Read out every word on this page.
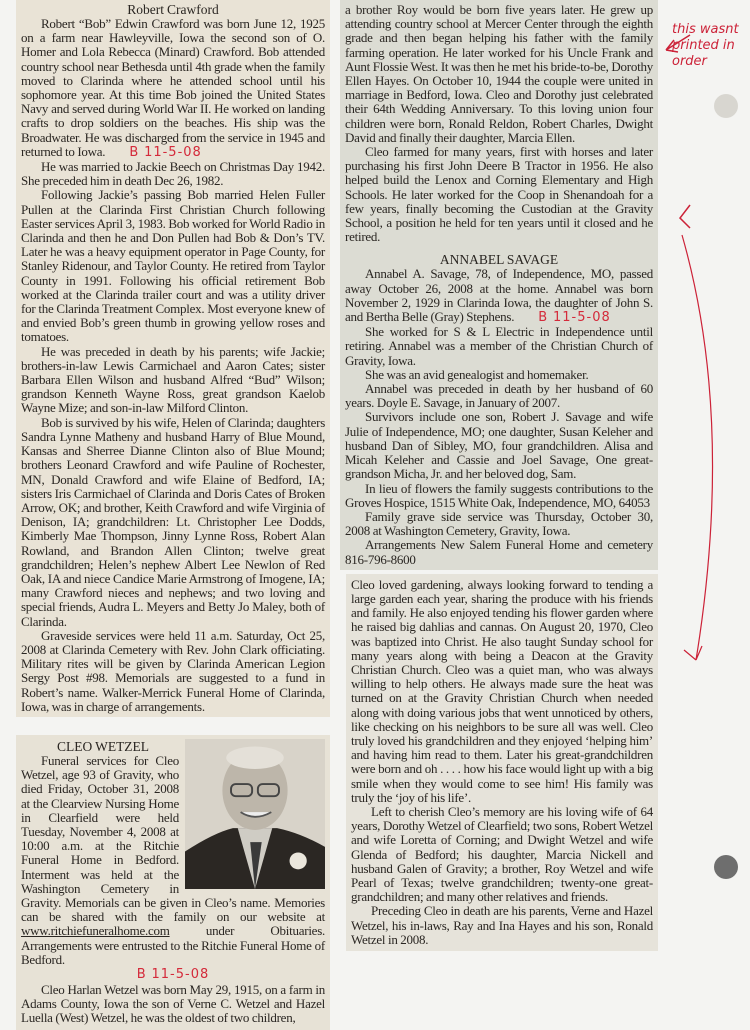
Robert Crawford

Robert “Bob” Edwin Crawford was born June 12, 1925 on a farm near Hawleyville, Iowa the second son of O. Homer and Lola Rebecca (Minard) Crawford. Bob attended country school near Bethesda until 4th grade when the family moved to Clarinda where he attended school until his sophomore year. At this time Bob joined the United States Navy and served during World War II. He worked on landing crafts to drop soldiers on the beaches. His ship was the Broadwater. He was discharged from the service in 1945 and returned to Iowa. B 11-5-08

He was married to Jackie Beech on Christmas Day 1942. She preceded him in death Dec 26, 1982.

Following Jackie’s passing Bob married Helen Fuller Pullen at the Clarinda First Christian Church following Easter services April 3, 1983. Bob worked for World Radio in Clarinda and then he and Don Pullen had Bob & Don’s TV. Later he was a heavy equipment operator in Page County, for Stanley Ridenour, and Taylor County. He retired from Taylor County in 1991. Following his official retirement Bob worked at the Clarinda trailer court and was a utility driver for the Clarinda Treatment Complex. Most everyone knew of and envied Bob’s green thumb in growing yellow roses and tomatoes.

He was preceded in death by his parents; wife Jackie; brothers-in-law Lewis Carmichael and Aaron Cates; sister Barbara Ellen Wilson and husband Alfred “Bud” Wilson; grandson Kenneth Wayne Ross, great grandson Kaelob Wayne Mize; and son-in-law Milford Clinton.

Bob is survived by his wife, Helen of Clarinda; daughters Sandra Lynne Matheny and husband Harry of Blue Mound, Kansas and Sherree Dianne Clinton also of Blue Mound; brothers Leonard Crawford and wife Pauline of Rochester, MN, Donald Crawford and wife Elaine of Bedford, IA; sisters Iris Carmichael of Clarinda and Doris Cates of Broken Arrow, OK; and brother, Keith Crawford and wife Virginia of Denison, IA; grandchildren: Lt. Christopher Lee Dodds, Kimberly Mae Thompson, Jinny Lynne Ross, Robert Alan Rowland, and Brandon Allen Clinton; twelve great grandchildren; Helen’s nephew Albert Lee Newlon of Red Oak, IA and niece Candice Marie Armstrong of Imogene, IA; many Crawford nieces and nephews; and two loving and special friends, Audra L. Meyers and Betty Jo Maley, both of Clarinda.

Graveside services were held 11 a.m. Saturday, Oct 25, 2008 at Clarinda Cemetery with Rev. John Clark officiating. Military rites will be given by Clarinda American Legion Sergy Post #98. Memorials are suggested to a fund in Robert’s name. Walker-Merrick Funeral Home of Clarinda, Iowa, was in charge of arrangements.

CLEO WETZEL

Funeral services for Cleo Wetzel, age 93 of Gravity, who died Friday, October 31, 2008 at the Clearview Nursing Home in Clearfield were held Tuesday, November 4, 2008 at 10:00 a.m. at the Ritchie Funeral Home in Bedford. Interment was held at the Washington Cemetery in Gravity. Memorials can be given in Cleo’s name. Memories can be shared with the family on our website at www.ritchiefuneralhome.com	under Obituaries. Arrangements were entrusted to the Ritchie Funeral Home of Bedford.

B 11-5-08

Cleo Harlan Wetzel was born May 29, 1915, on a farm in Adams County, Iowa the son of Verne C. Wetzel and Hazel Luella (West) Wetzel, he was the oldest of two children,

a brother Roy would be born five years later. He grew up attending country school at Mercer Center through the eighth grade and then began helping his father with the family farming operation. He later worked for his Uncle Frank and Aunt Flossie West. It was then he met his bride-to-be, Dorothy Ellen Hayes. On October 10, 1944 the couple were united in marriage in Bedford, Iowa. Cleo and Dorothy just celebrated their 64th Wedding Anniversary. To this loving union four children were born, Ronald Reldon, Robert Charles, Dwight David and finally their daughter, Marcia Ellen.

Cleo farmed for many years, first with horses and later purchasing his first John Deere B Tractor in 1956. He also helped build the Lenox and Corning Elementary and High Schools. He later worked for the Coop in Shenandoah for a few years, finally becoming the Custodian at the Gravity School, a position he held for ten years until it closed and he retired.

ANNABEL SAVAGE

Annabel A. Savage, 78, of Independence, MO, passed away October 26, 2008 at the home. Annabel was born November 2, 1929 in Clarinda Iowa, the daughter of John S. and Bertha Belle (Gray) Stephens. B 11-5-08

She worked for S & L Electric in Independence until retiring. Annabel was a member of the Christian Church of Gravity, Iowa.

She was an avid genealogist and homemaker.

Annabel was preceded in death by her husband of 60 years. Doyle E. Savage, in January of 2007.

Survivors include one son, Robert J. Savage and wife Julie of Independence, MO; one daughter, Susan Keleher and husband Dan of Sibley, MO, four grandchildren. Alisa and Micah Keleher and Cassie and Joel Savage, One great-grandson Micha, Jr. and her beloved dog, Sam.

In lieu of flowers the family suggests contributions to the Groves Hospice, 1515 White Oak, Independence, MO, 64053

Family grave side service was Thursday, October 30, 2008 at Washington Cemetery, Gravity, Iowa.

Arrangements New Salem Funeral Home and cemetery 816-796-8600

Cleo loved gardening, always looking forward to tending a large garden each year, sharing the produce with his friends and family. He also enjoyed tending his flower garden where he raised big dahlias and cannas. On August 20, 1970, Cleo was baptized into Christ. He also taught Sunday school for many years along with being a Deacon at the Gravity Christian Church. Cleo was a quiet man, who was always willing to help others. He always made sure the heat was turned on at the Gravity Christian Church when needed along with doing various jobs that went unnoticed by others, like checking on his neighbors to be sure all was well. Cleo truly loved his grandchildren and they enjoyed ‘helping him’ and having him read to them. Later his great-grandchildren were born and oh . . . . how his face would light up with a big smile when they would come to see him! His family was truly the ‘joy of his life’.

Left to cherish Cleo’s memory are his loving wife of 64 years, Dorothy Wetzel of Clearfield; two sons, Robert Wetzel and wife Loretta of Corning; and Dwight Wetzel and wife Glenda of Bedford; his daughter, Marcia Nickell and husband Galen of Gravity; a brother, Roy Wetzel and wife Pearl of Texas; twelve grandchildren; twenty-one great-grandchildren; and many other relatives and friends.

Preceding Cleo in death are his parents, Verne and Hazel Wetzel, his in-laws, Ray and Ina Hayes and his son, Ronald Wetzel in 2008.

this wasnt printed in order
